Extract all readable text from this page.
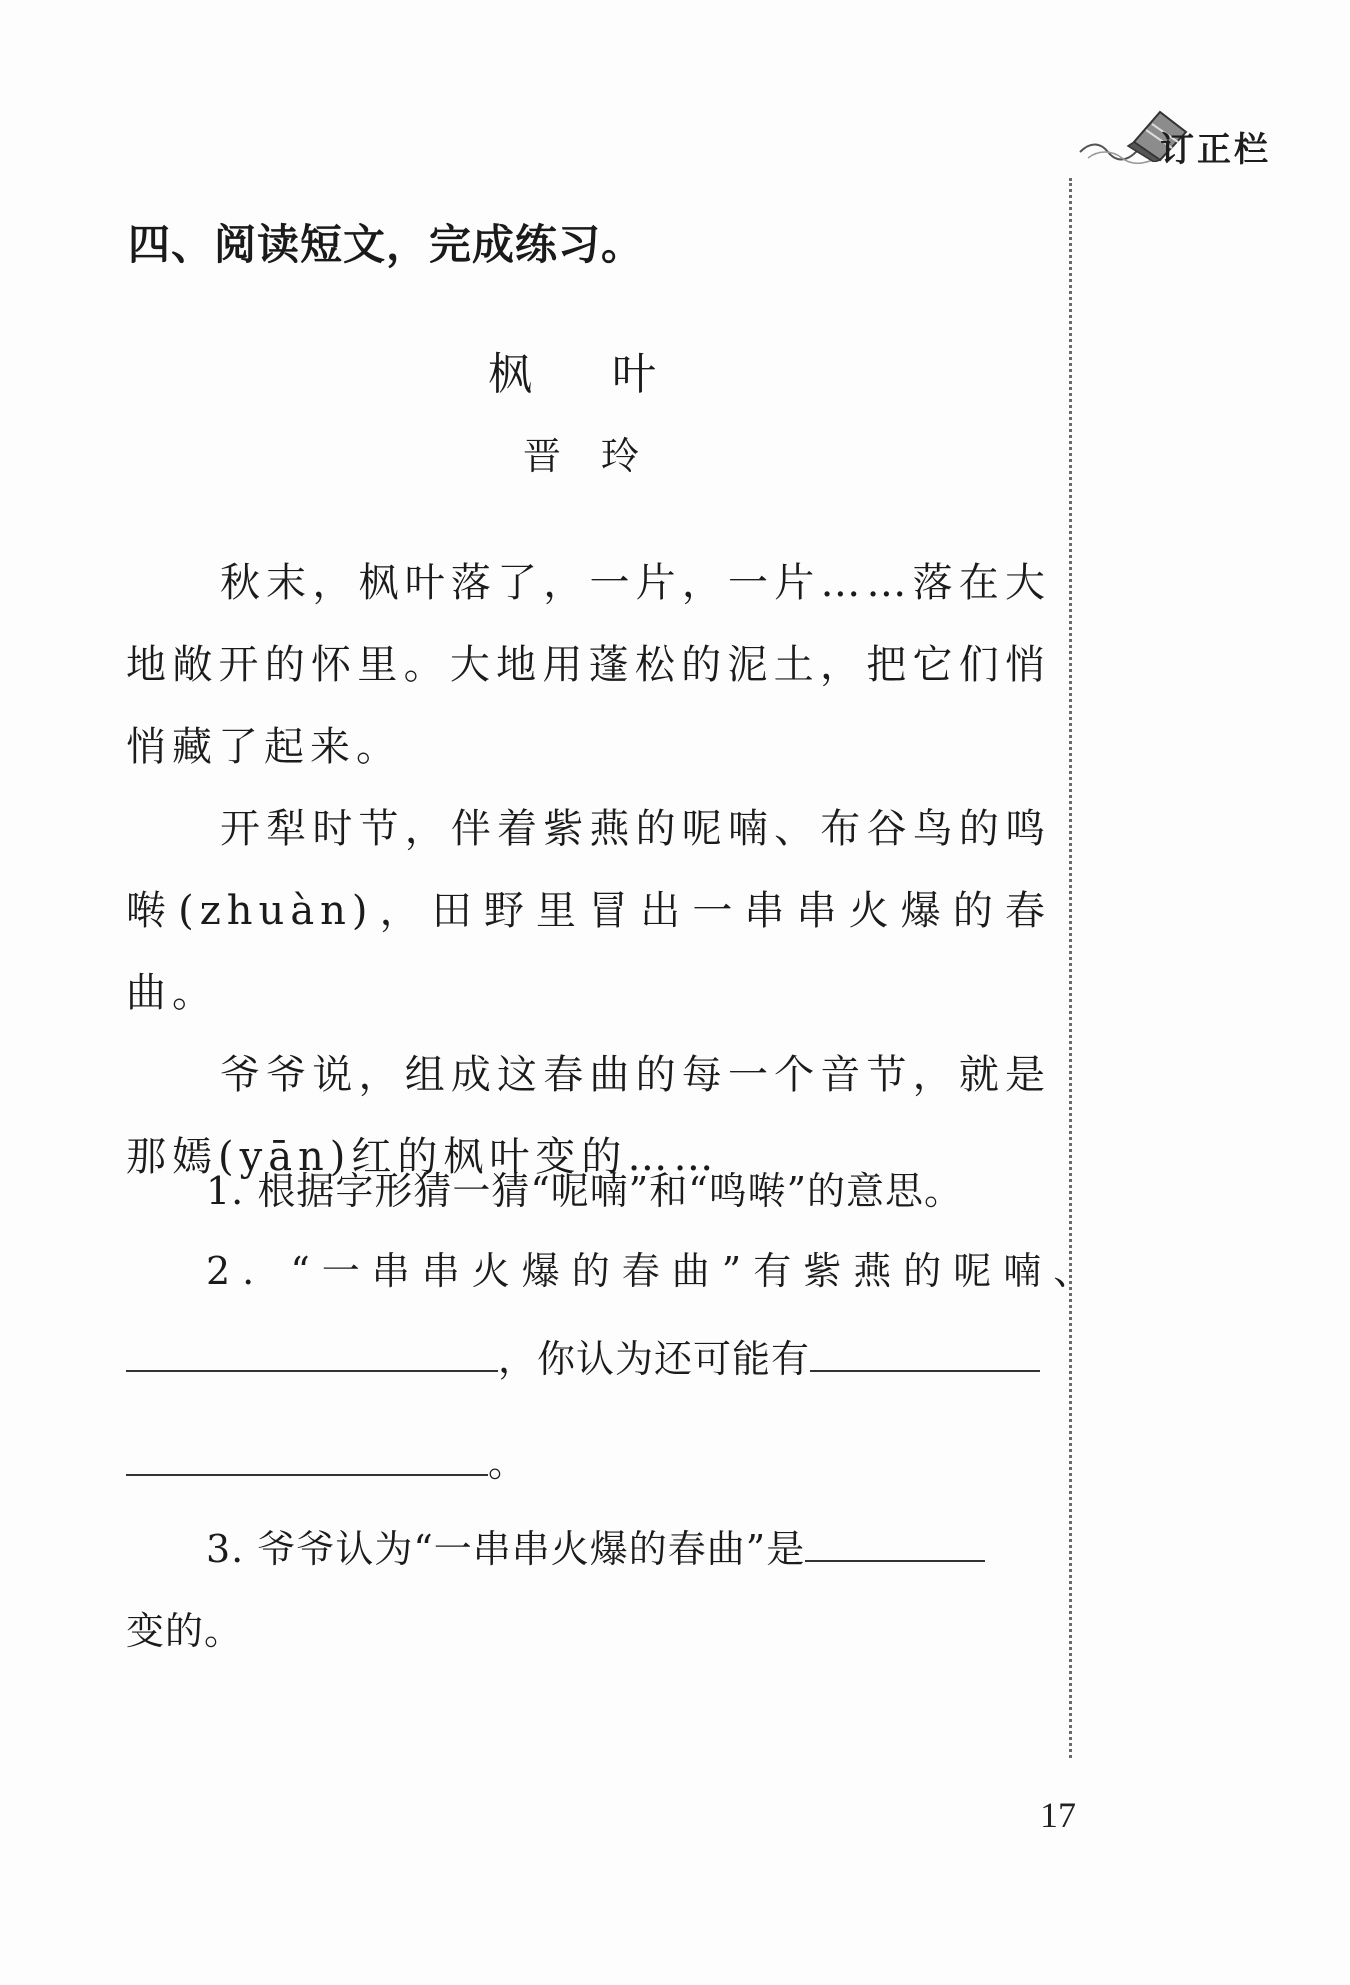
订正栏
四、阅读短文，完成练习。
枫叶
晋玲

秋末，枫叶落了，一片，一片……落在大地敞开的怀里。大地用蓬松的泥土，把它们悄悄藏了起来。

开犁时节，伴着紫燕的呢喃、布谷鸟的鸣啭(zhuàn)，田野里冒出一串串火爆的春曲。

爷爷说，组成这春曲的每一个音节，就是那嫣(yān)红的枫叶变的……

1. 根据字形猜一猜“呢喃”和“鸣啭”的意思。
2. “一串串火爆的春曲”有紫燕的呢喃、
，你认为还可能有
。
3. 爷爷认为“一串串火爆的春曲”是
变的。
17
